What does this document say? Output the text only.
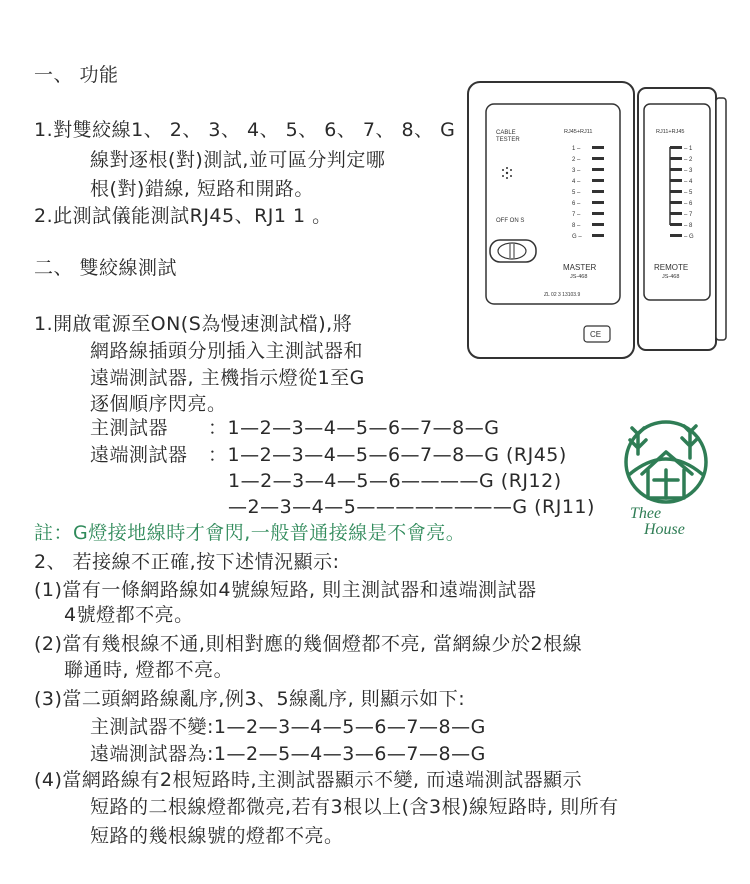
一、 功能
1.對雙絞線1、 2、 3、 4、 5、 6、 7、 8、 G
線對逐根(對)測試,並可區分判定哪
根(對)錯線, 短路和開路。
2.此測試儀能測試RJ45、RJ1 1 。
二、 雙絞線測試
1.開啟電源至ON(S為慢速測試檔),將
網路線插頭分別插入主測試器和
遠端測試器, 主機指示燈從1至G
逐個順序閃亮。
主測試器 ：1—2—3—4—5—6—7—8—G
遠端測試器 ：1—2—3—4—5—6—7—8—G (RJ45)
1—2—3—4—5—6————G (RJ12)
—2—3—4—5————————G (RJ11)
註：G燈接地線時才會閃,一般普通接線是不會亮。
2、 若接線不正確,按下述情況顯示:
(1)當有一條網路線如4號線短路, 則主測試器和遠端測試器
4號燈都不亮。
(2)當有幾根線不通,則相對應的幾個燈都不亮, 當網線少於2根線
聯通時, 燈都不亮。
(3)當二頭網路線亂序,例3、5線亂序, 則顯示如下:
主測試器不變:1—2—3—4—5—6—7—8—G
遠端測試器為:1—2—5—4—3—6—7—8—G
(4)當網路線有2根短路時,主測試器顯示不變, 而遠端測試器顯示
短路的二根線燈都微亮,若有3根以上(含3根)線短路時, 則所有
短路的幾根線號的燈都不亮。
CABLE
TESTER
RJ45+RJ11
OFF ON S
1 –
2 –
3 –
4 –
5 –
6 –
7 –
8 –
G –
MASTER
JS-468
ZL 02 3 13103.9
CE
RJ11+RJ45
– 1
– 2
– 3
– 4
– 5
– 6
– 7
– 8
– G
REMOTE
JS-468
Thee
House
